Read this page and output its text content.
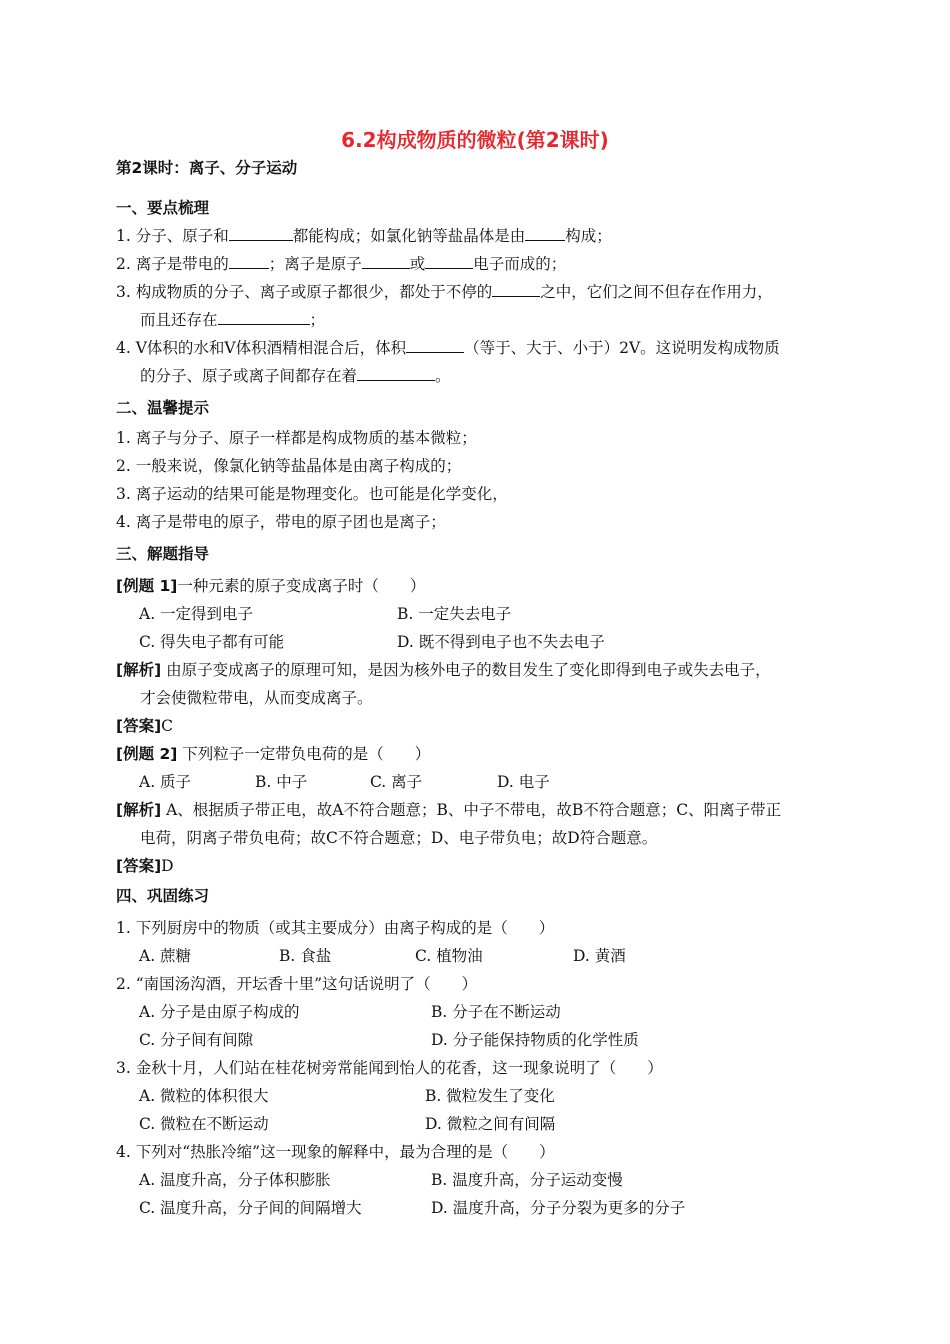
6.2构成物质的微粒(第2课时)
第2课时：离子、分子运动
一、要点梳理
1. 分子、原子和	都能构成；如氯化钠等盐晶体是由	构成；
2. 离子是带电的	；离子是原子	或	电子而成的；
3. 构成物质的分子、离子或原子都很少，都处于不停的	之中，它们之间不但存在作用力，
而且还存在	；
4. V体积的水和V体积酒精相混合后，体积	（等于、大于、小于）2V。这说明发构成物质
的分子、原子或离子间都存在着	。
二、温馨提示
1. 离子与分子、原子一样都是构成物质的基本微粒；
2. 一般来说，像氯化钠等盐晶体是由离子构成的；
3. 离子运动的结果可能是物理变化。也可能是化学变化，
4. 离子是带电的原子，带电的原子团也是离子；
三、解题指导
[例题 1]一种元素的原子变成离子时（　　）
A. 一定得到电子	B. 一定失去电子
C. 得失电子都有可能	D. 既不得到电子也不失去电子
[解析] 由原子变成离子的原理可知，是因为核外电子的数目发生了变化即得到电子或失去电子，
才会使微粒带电，从而变成离子。
[答案]C
[例题 2] 下列粒子一定带负电荷的是（　　）
A. 质子	B. 中子	C. 离子	D. 电子
[解析] A、根据质子带正电，故A不符合题意；B、中子不带电，故B不符合题意；C、阳离子带正
电荷，阴离子带负电荷；故C不符合题意；D、电子带负电；故D符合题意。
[答案]D
四、巩固练习
1. 下列厨房中的物质（或其主要成分）由离子构成的是（　　）
A. 蔗糖	B. 食盐	C. 植物油	D. 黄酒
2. “南国汤沟酒，开坛香十里”这句话说明了（　　）
A. 分子是由原子构成的	B. 分子在不断运动
C. 分子间有间隙	D. 分子能保持物质的化学性质
3. 金秋十月，人们站在桂花树旁常能闻到怡人的花香，这一现象说明了（　　）
A. 微粒的体积很大	B. 微粒发生了变化
C. 微粒在不断运动	D. 微粒之间有间隔
4. 下列对“热胀冷缩”这一现象的解释中，最为合理的是（　　）
A. 温度升高，分子体积膨胀	B. 温度升高，分子运动变慢
C. 温度升高，分子间的间隔增大	D. 温度升高，分子分裂为更多的分子
